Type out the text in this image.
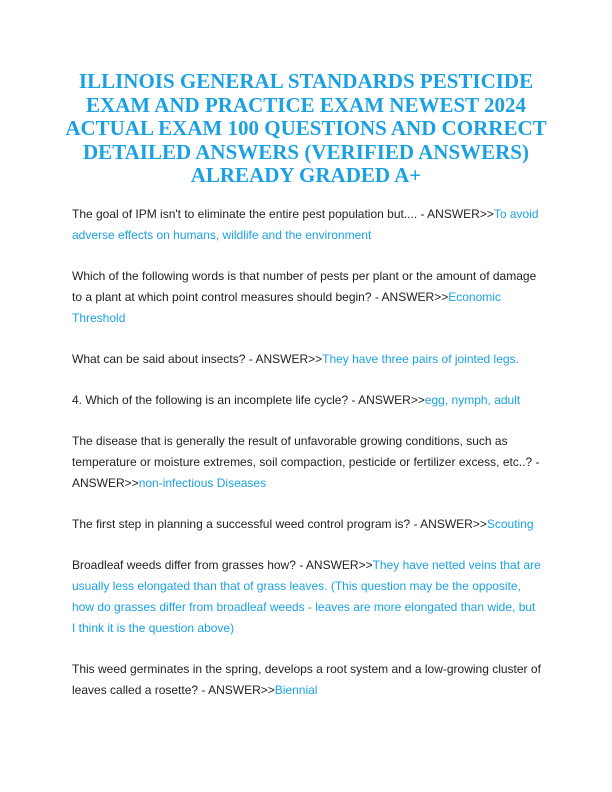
ILLINOIS GENERAL STANDARDS PESTICIDE EXAM AND PRACTICE EXAM NEWEST 2024 ACTUAL EXAM 100 QUESTIONS AND CORRECT DETAILED ANSWERS (VERIFIED ANSWERS) ALREADY GRADED A+

The goal of IPM isn't to eliminate the entire pest population but.... - ANSWER>>To avoid adverse effects on humans, wildlife and the environment

Which of the following words is that number of pests per plant or the amount of damage to a plant at which point control measures should begin? - ANSWER>>Economic Threshold

What can be said about insects? - ANSWER>>They have three pairs of jointed legs.

4. Which of the following is an incomplete life cycle? - ANSWER>>egg, nymph, adult

The disease that is generally the result of unfavorable growing conditions, such as temperature or moisture extremes, soil compaction, pesticide or fertilizer excess, etc..? - ANSWER>>non-infectious Diseases

The first step in planning a successful weed control program is? - ANSWER>>Scouting

Broadleaf weeds differ from grasses how? - ANSWER>>They have netted veins that are usually less elongated than that of grass leaves. (This question may be the opposite, how do grasses differ from broadleaf weeds - leaves are more elongated than wide, but I think it is the question above)

This weed germinates in the spring, develops a root system and a low-growing cluster of leaves called a rosette? - ANSWER>>Biennial
